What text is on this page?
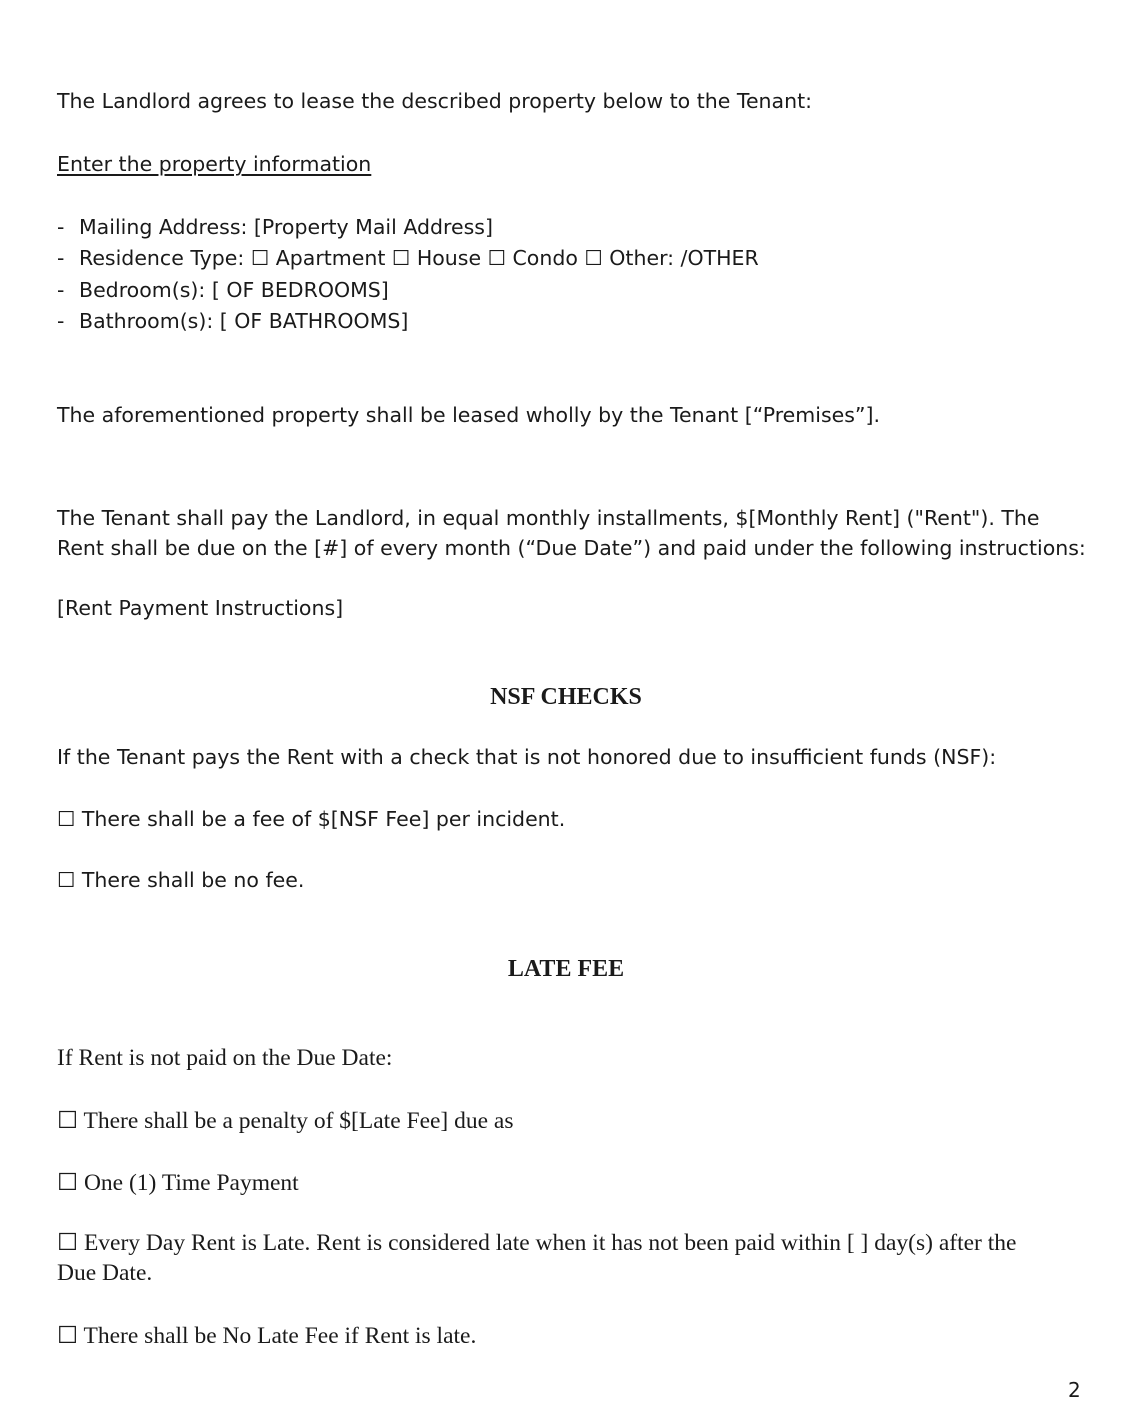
The Landlord agrees to lease the described property below to the Tenant:

Enter the property information

- Mailing Address: [Property Mail Address]
- Residence Type: ☐ Apartment ☐ House ☐ Condo ☐ Other: /OTHER
- Bedroom(s): [ OF BEDROOMS]
- Bathroom(s): [ OF BATHROOMS]

The aforementioned property shall be leased wholly by the Tenant [“Premises”].

The Tenant shall pay the Landlord, in equal monthly installments, $[Monthly Rent] ("Rent"). The Rent shall be due on the [#] of every month (“Due Date”) and paid under the following instructions:

[Rent Payment Instructions]

NSF CHECKS

If the Tenant pays the Rent with a check that is not honored due to insufficient funds (NSF):

☐ There shall be a fee of $[NSF Fee] per incident.

☐ There shall be no fee.

LATE FEE

If Rent is not paid on the Due Date:

☐ There shall be a penalty of $[Late Fee] due as

☐ One (1) Time Payment

☐ Every Day Rent is Late. Rent is considered late when it has not been paid within [ ] day(s) after the Due Date.

☐ There shall be No Late Fee if Rent is late.

2
